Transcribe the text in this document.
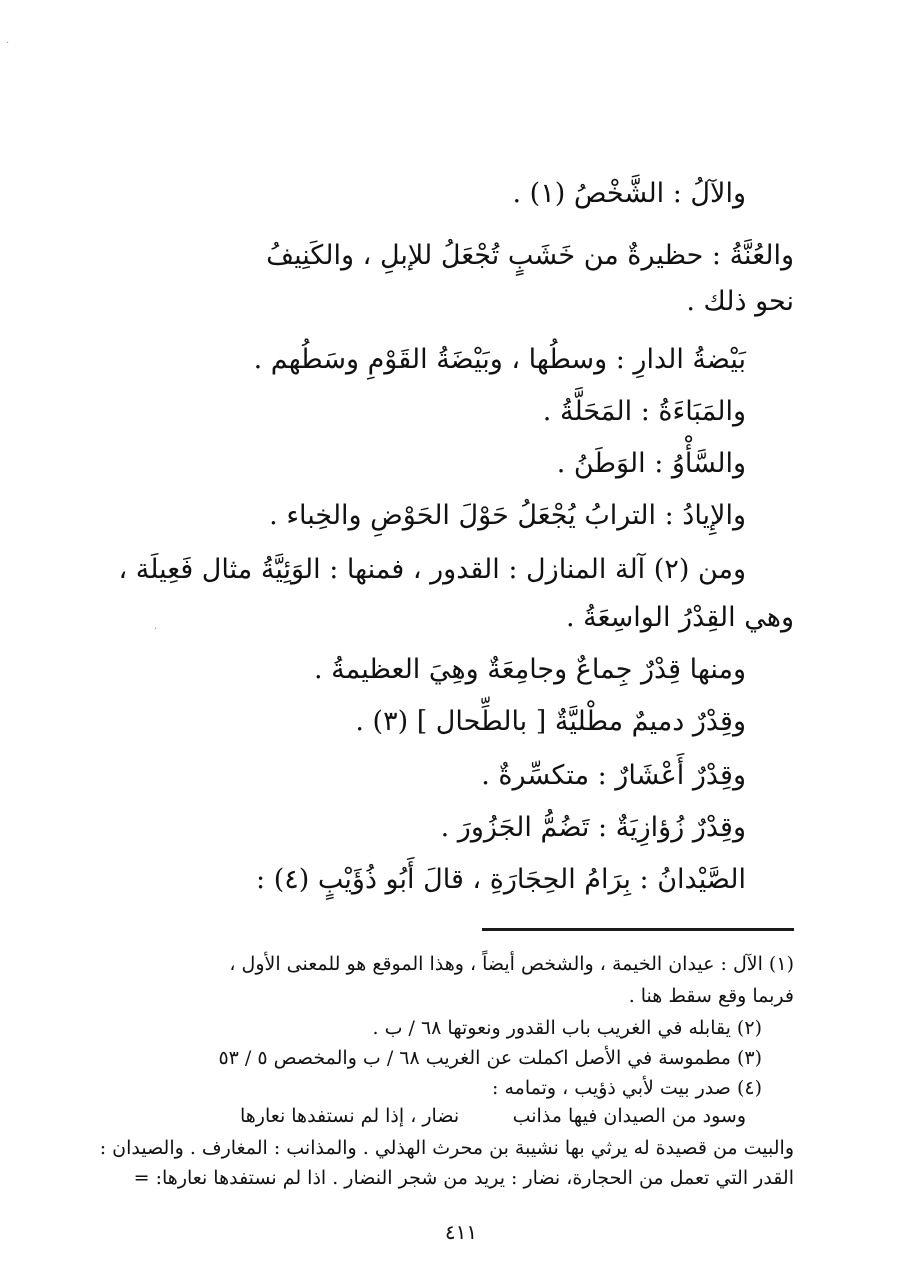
والآلُ : الشَّخْصُ (١) .
والعُنَّةُ : حظيرةٌ من خَشَبٍ تُجْعَلُ للإبلِ ، والكَنِيفُ
نحو ذلك .
بَيْضةُ الدارِ : وسطُها ، وبَيْضَةُ القَوْمِ وسَطُهم .
والمَبَاءَةُ : المَحَلَّةُ .
والسَّأْوُ : الوَطَنُ .
والإِيادُ : الترابُ يُجْعَلُ حَوْلَ الحَوْضِ والخِباء .
ومن (٢) آلة المنازل : القدور ، فمنها : الوَئِيَّةُ مثال فَعِيلَة ،
وهي القِدْرُ الواسِعَةُ .
ومنها قِدْرٌ جِماعٌ وجامِعَةٌ وهِيَ العظيمةُ .
وقِدْرٌ دميمٌ مطْليَّةٌ [ بالطِّحال ] (٣) .
وقِدْرٌ أَعْشَارٌ : متكسِّرةٌ .
وقِدْرٌ زُؤازِيَةٌ : تَضُمُّ الجَزُورَ .
الصَّيْدانُ : بِرَامُ الحِجَارَةِ ، قالَ أَبُو ذُؤَيْبٍ (٤) :
(١) الآل : عيدان الخيمة ، والشخص أيضاً ، وهذا الموقع هو للمعنى الأول ،
فربما وقع سقط هنا .
(٢) يقابله في الغريب باب القدور ونعوتها ٦٨ / ب .
(٣) مطموسة في الأصل اكملت عن الغريب ٦٨ / ب والمخصص ٥ / ٥٣
(٤) صدر بيت لأبي ذؤيب ، وتمامه :
وسود من الصيدان فيها مذانب
نضار ، إذا لم نستفدها نعارها
والبيت من قصيدة له يرثي بها نشيبة بن محرث الهذلي . والمذانب : المغارف . والصيدان :
القدر التي تعمل من الحجارة، نضار : يريد من شجر النضار . اذا لم نستفدها نعارها: =
٤١١
·
·
